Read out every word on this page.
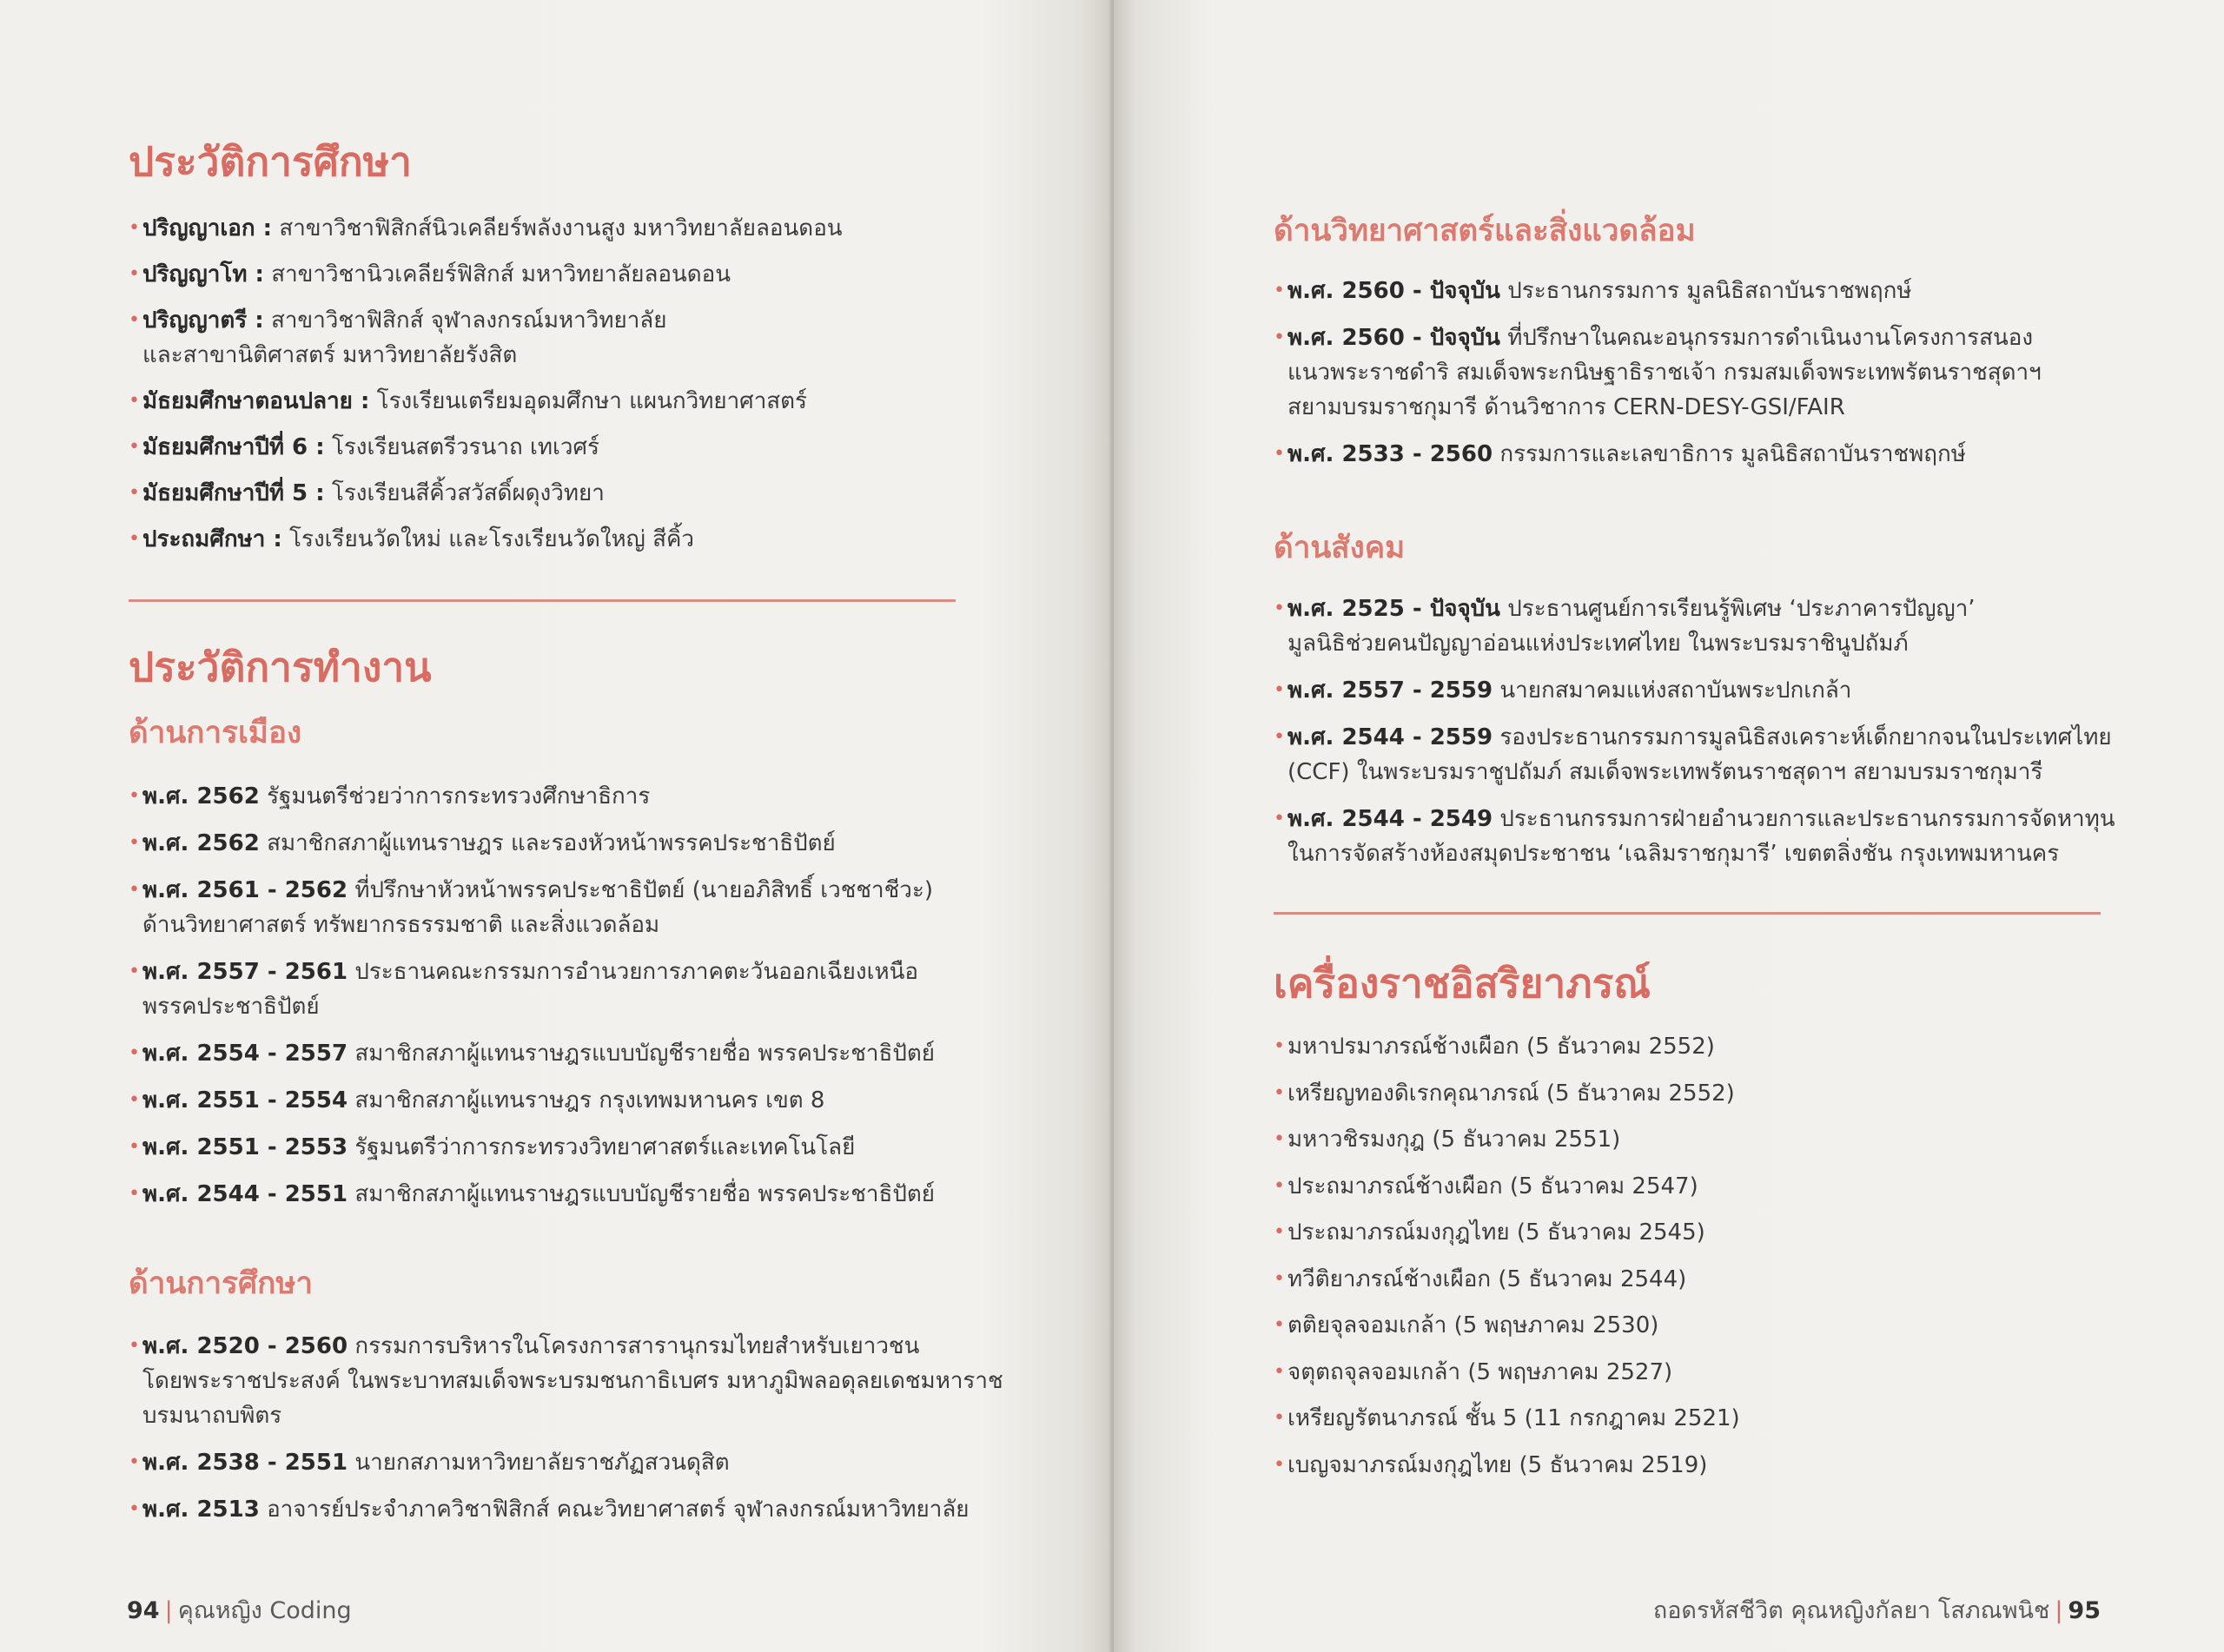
ประวัติการศึกษา
• ปริญญาเอก : สาขาวิชาฟิสิกส์นิวเคลียร์พลังงานสูง มหาวิทยาลัยลอนดอน
• ปริญญาโท : สาขาวิชานิวเคลียร์ฟิสิกส์ มหาวิทยาลัยลอนดอน
• ปริญญาตรี : สาขาวิชาฟิสิกส์ จุฬาลงกรณ์มหาวิทยาลัย
และสาขานิติศาสตร์ มหาวิทยาลัยรังสิต
• มัธยมศึกษาตอนปลาย : โรงเรียนเตรียมอุดมศึกษา แผนกวิทยาศาสตร์
• มัธยมศึกษาปีที่ 6 : โรงเรียนสตรีวรนาถ เทเวศร์
• มัธยมศึกษาปีที่ 5 : โรงเรียนสีคิ้วสวัสดิ์ผดุงวิทยา
• ประถมศึกษา : โรงเรียนวัดใหม่ และโรงเรียนวัดใหญ่ สีคิ้ว
ประวัติการทำงาน
ด้านการเมือง
• พ.ศ. 2562 รัฐมนตรีช่วยว่าการกระทรวงศึกษาธิการ
• พ.ศ. 2562 สมาชิกสภาผู้แทนราษฎร และรองหัวหน้าพรรคประชาธิปัตย์
• พ.ศ. 2561 - 2562 ที่ปรึกษาหัวหน้าพรรคประชาธิปัตย์ (นายอภิสิทธิ์ เวชชาชีวะ)
ด้านวิทยาศาสตร์ ทรัพยากรธรรมชาติ และสิ่งแวดล้อม
• พ.ศ. 2557 - 2561 ประธานคณะกรรมการอำนวยการภาคตะวันออกเฉียงเหนือ
พรรคประชาธิปัตย์
• พ.ศ. 2554 - 2557 สมาชิกสภาผู้แทนราษฎรแบบบัญชีรายชื่อ พรรคประชาธิปัตย์
• พ.ศ. 2551 - 2554 สมาชิกสภาผู้แทนราษฎร กรุงเทพมหานคร เขต 8
• พ.ศ. 2551 - 2553 รัฐมนตรีว่าการกระทรวงวิทยาศาสตร์และเทคโนโลยี
• พ.ศ. 2544 - 2551 สมาชิกสภาผู้แทนราษฎรแบบบัญชีรายชื่อ พรรคประชาธิปัตย์
ด้านการศึกษา
• พ.ศ. 2520 - 2560 กรรมการบริหารในโครงการสารานุกรมไทยสำหรับเยาวชน
โดยพระราชประสงค์ ในพระบาทสมเด็จพระบรมชนกาธิเบศร มหาภูมิพลอดุลยเดชมหาราช
บรมนาถบพิตร
• พ.ศ. 2538 - 2551 นายกสภามหาวิทยาลัยราชภัฏสวนดุสิต
• พ.ศ. 2513 อาจารย์ประจำภาควิชาฟิสิกส์ คณะวิทยาศาสตร์ จุฬาลงกรณ์มหาวิทยาลัย
94 | คุณหญิง Coding
ด้านวิทยาศาสตร์และสิ่งแวดล้อม
• พ.ศ. 2560 - ปัจจุบัน ประธานกรรมการ มูลนิธิสถาบันราชพฤกษ์
• พ.ศ. 2560 - ปัจจุบัน ที่ปรึกษาในคณะอนุกรรมการดำเนินงานโครงการสนอง
แนวพระราชดำริ สมเด็จพระกนิษฐาธิราชเจ้า กรมสมเด็จพระเทพรัตนราชสุดาฯ
สยามบรมราชกุมารี ด้านวิชาการ CERN-DESY-GSI/FAIR
• พ.ศ. 2533 - 2560 กรรมการและเลขาธิการ มูลนิธิสถาบันราชพฤกษ์
ด้านสังคม
• พ.ศ. 2525 - ปัจจุบัน ประธานศูนย์การเรียนรู้พิเศษ ‘ประภาคารปัญญา’
มูลนิธิช่วยคนปัญญาอ่อนแห่งประเทศไทย ในพระบรมราชินูปถัมภ์
• พ.ศ. 2557 - 2559 นายกสมาคมแห่งสถาบันพระปกเกล้า
• พ.ศ. 2544 - 2559 รองประธานกรรมการมูลนิธิสงเคราะห์เด็กยากจนในประเทศไทย
(CCF) ในพระบรมราชูปถัมภ์ สมเด็จพระเทพรัตนราชสุดาฯ สยามบรมราชกุมารี
• พ.ศ. 2544 - 2549 ประธานกรรมการฝ่ายอำนวยการและประธานกรรมการจัดหาทุน
ในการจัดสร้างห้องสมุดประชาชน ‘เฉลิมราชกุมารี’ เขตตลิ่งชัน กรุงเทพมหานคร
เครื่องราชอิสริยาภรณ์
• มหาปรมาภรณ์ช้างเผือก (5 ธันวาคม 2552)
• เหรียญทองดิเรกคุณาภรณ์ (5 ธันวาคม 2552)
• มหาวชิรมงกุฎ (5 ธันวาคม 2551)
• ประถมาภรณ์ช้างเผือก (5 ธันวาคม 2547)
• ประถมาภรณ์มงกุฎไทย (5 ธันวาคม 2545)
• ทวีติยาภรณ์ช้างเผือก (5 ธันวาคม 2544)
• ตติยจุลจอมเกล้า (5 พฤษภาคม 2530)
• จตุตถจุลจอมเกล้า (5 พฤษภาคม 2527)
• เหรียญรัตนาภรณ์ ชั้น 5 (11 กรกฎาคม 2521)
• เบญจมาภรณ์มงกุฎไทย (5 ธันวาคม 2519)
ถอดรหัสชีวิต คุณหญิงกัลยา โสภณพนิช | 95
